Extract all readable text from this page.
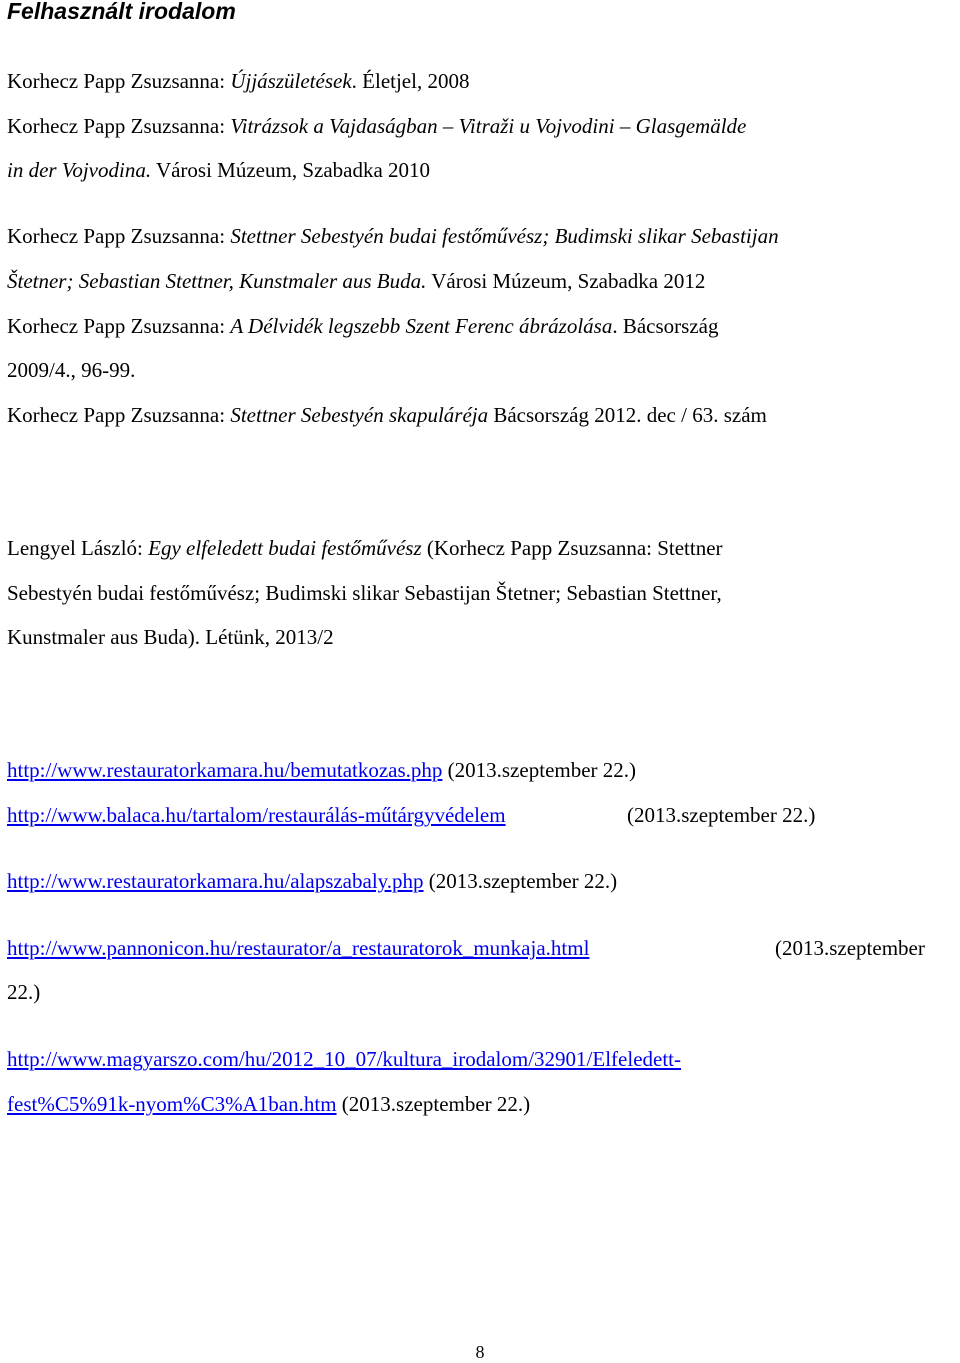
Felhasznált irodalom
Korhecz Papp Zsuzsanna: Újjászületések. Életjel, 2008
Korhecz Papp Zsuzsanna: Vitrázsok a Vajdaságban – Vitraži u Vojvodini – Glasgemälde
in der Vojvodina. Városi Múzeum, Szabadka 2010
Korhecz Papp Zsuzsanna: Stettner Sebestyén budai festőművész; Budimski slikar Sebastijan
Štetner; Sebastian Stettner, Kunstmaler aus Buda. Városi Múzeum, Szabadka 2012
Korhecz Papp Zsuzsanna: A Délvidék legszebb Szent Ferenc ábrázolása. Bácsország
2009/4., 96-99.
Korhecz Papp Zsuzsanna: Stettner Sebestyén skapuláréja Bácsország 2012. dec / 63. szám
Lengyel László: Egy elfeledett budai festőművész (Korhecz Papp Zsuzsanna: Stettner
Sebestyén budai festőművész; Budimski slikar Sebastijan Štetner; Sebastian Stettner,
Kunstmaler aus Buda). Létünk, 2013/2
http://www.restauratorkamara.hu/bemutatkozas.php (2013.szeptember 22.)
http://www.balaca.hu/tartalom/restaurálás-műtárgyvédelem	(2013.szeptember 22.)
http://www.restauratorkamara.hu/alapszabaly.php (2013.szeptember 22.)
http://www.pannonicon.hu/restaurator/a_restauratorok_munkaja.html	(2013.szeptember
22.)
http://www.magyarszo.com/hu/2012_10_07/kultura_irodalom/32901/Elfeledett-
fest%C5%91k-nyom%C3%A1ban.htm (2013.szeptember 22.)
8
